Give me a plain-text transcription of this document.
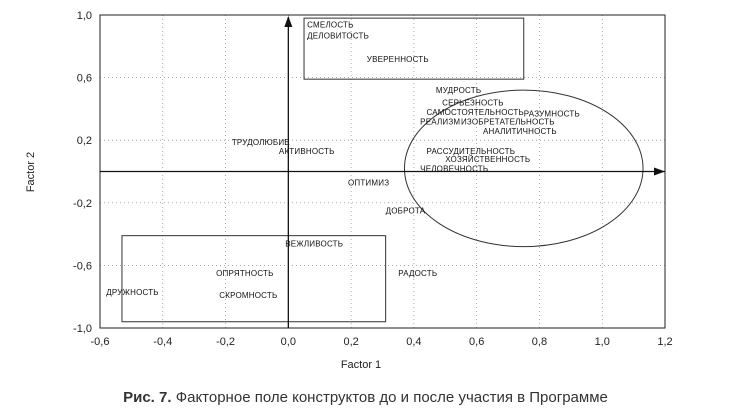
-0,6	-0,4	-0,2	0,0	0,2	0,4	0,6	0,8	1,0	1,2
1,0
0,6
0,2
-0,2
-0,6
-1,0
СМЕЛОСТЬ
ДЕЛОВИТОСТЬ
УВЕРЕННОСТЬ
МУДРОСТЬ
СЕРЬЕЗНОСТЬ
САМОСТОЯТЕЛЬНОСТЬ РАЗУМНОСТЬ
РЕАЛИЗМ ИЗОБРЕТАТЕЛЬНОСТЬ
АНАЛИТИЧНОСТЬ
ТРУДОЛЮБИЕ
АКТИВНОСТЬ	РАССУДИТЕЛЬНОСТЬ
ХОЗЯЙСТВЕННОСТЬ
ЧЕЛОВЕЧНОСТЬ
ОПТИМИЗ
ДОБРОТА
ВЕЖЛИВОСТЬ
ОПРЯТНОСТЬ	РАДОСТЬ
ДРУЖНОСТЬ	СКРОМНОСТЬ
Factor 1
Factor 2
Рис. 7. Факторное поле конструктов до и после участия в Программе
